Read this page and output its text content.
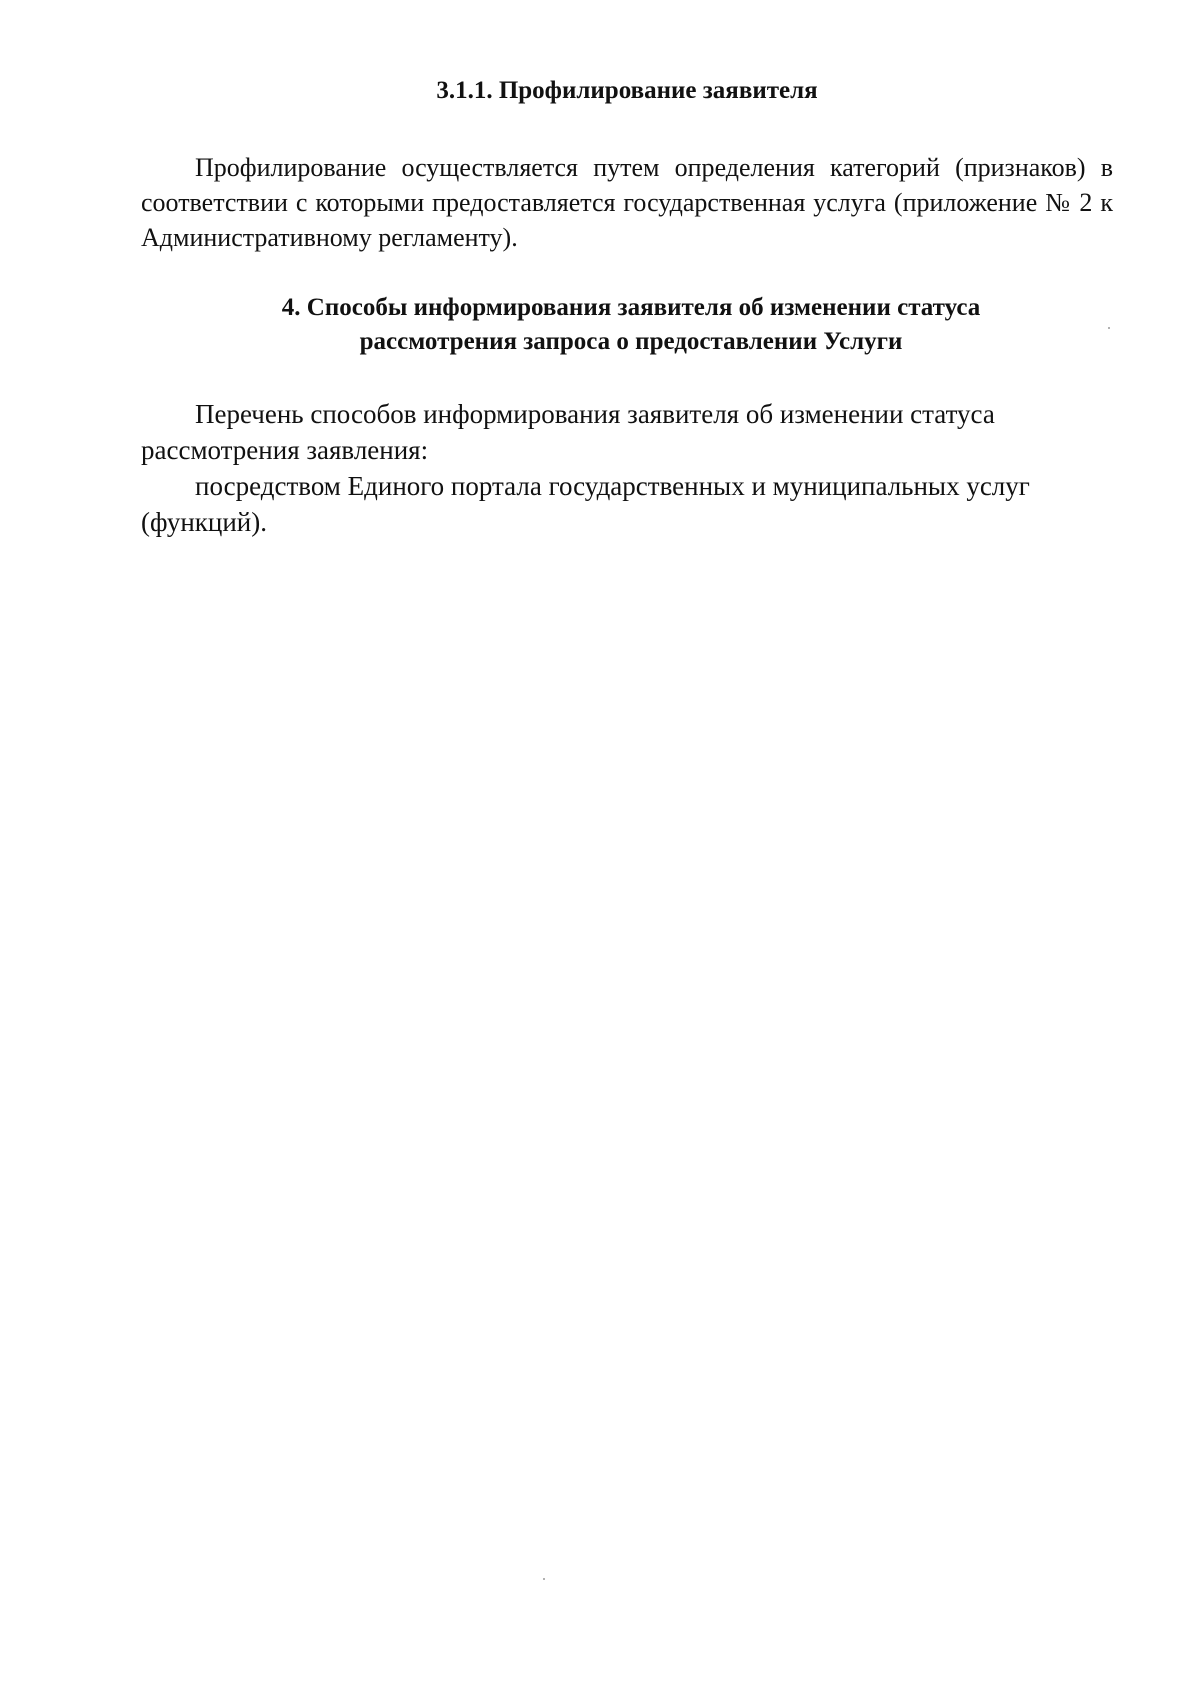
3.1.1. Профилирование заявителя

Профилирование осуществляется путем определения категорий (признаков) в соответствии с которыми предоставляется государственная услуга (приложение № 2 к Административному регламенту).

4. Способы информирования заявителя об изменении статуса
рассмотрения запроса о предоставлении Услуги

Перечень способов информирования заявителя об изменении статуса рассмотрения заявления:

посредством Единого портала государственных и муниципальных услуг (функций).
